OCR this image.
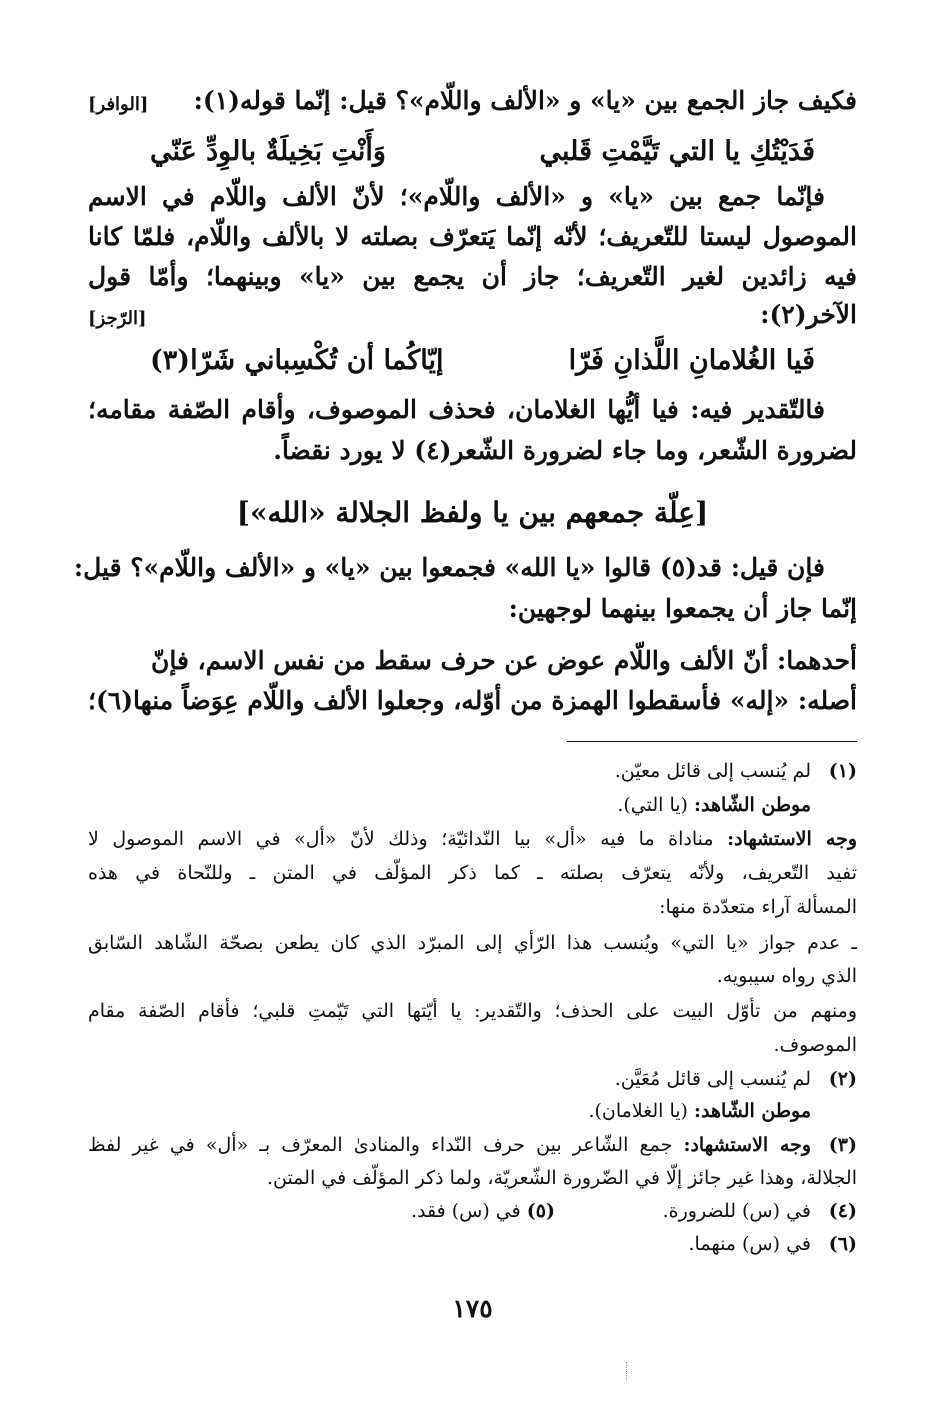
فكيف جاز الجمع بين «يا» و «الألف واللّام»؟ قيل: إنّما قوله(١):
[الوافر]
فَدَيْتُكِ يا التي تَيَّمْتِ قَلبي
وَأَنْتِ بَخِيلَةٌ بالوِدِّ عَنّي
فإنّما جمع بين «يا» و «الألف واللّام»؛ لأنّ الألف واللّام في الاسم
الموصول ليستا للتّعريف؛ لأنّه إنّما يَتعرّف بصلته لا بالألف واللّام، فلمّا كانا
فيه زائدين لغير التّعريف؛ جاز أن يجمع بين «يا» وبينهما؛ وأمّا قول
الآخر(٢):
[الرّجز]
فَيا الغُلامانِ اللَّذانِ فَرّا
إيّاكُما أن تُكْسِباني شَرّا(٣)
فالتّقدير فيه: فيا أيُّها الغلامان، فحذف الموصوف، وأقام الصّفة مقامه؛
لضرورة الشّعر، وما جاء لضرورة الشّعر(٤) لا يورد نقضاً.
[عِلّة جمعهم بين يا ولفظ الجلالة «الله»]
فإن قيل: قد(٥) قالوا «يا الله» فجمعوا بين «يا» و «الألف واللّام»؟ قيل:
إنّما جاز أن يجمعوا بينهما لوجهين:
أحدهما: أنّ الألف واللّام عوض عن حرف سقط من نفس الاسم، فإنّ
أصله: «إله» فأسقطوا الهمزة من أوّله، وجعلوا الألف واللّام عِوَضاً منها(٦)؛
(١)
لم يُنسب إلى قائل معيّن.
موطن الشّاهد: (يا التي).
وجه الاستشهاد: مناداة ما فيه «أل» بيا النّدائيّة؛ وذلك لأنّ «أل» في الاسم الموصول لا
تفيد التّعريف، ولأنّه يتعرّف بصلته ـ كما ذكر المؤلّف في المتن ـ وللنّحاة في هذه
المسألة آراء متعدّدة منها:
ـ عدم جواز «يا التي» ويُنسب هذا الرّأي إلى المبرّد الذي كان يطعن بصحّة الشّاهد السّابق
الذي رواه سيبويه.
ومنهم من تأوّل البيت على الحذف؛ والتّقدير: يا أيّتها التي تَيّمتِ قلبي؛ فأقام الصّفة مقام
الموصوف.
(٢)
لم يُنسب إلى قائل مُعَيَّن.
موطن الشّاهد: (يا الغلامان).
(٣)
وجه الاستشهاد: جمع الشّاعر بين حرف النّداء والمنادىٰ المعرّف بـ «أل» في غير لفظ
الجلالة، وهذا غير جائز إلّا في الضّرورة الشّعريّة، ولما ذكر المؤلّف في المتن.
(٤)
في (س) للضرورة.
(٥) في (س) فقد.
(٦)
في (س) منهما.
١٧٥
